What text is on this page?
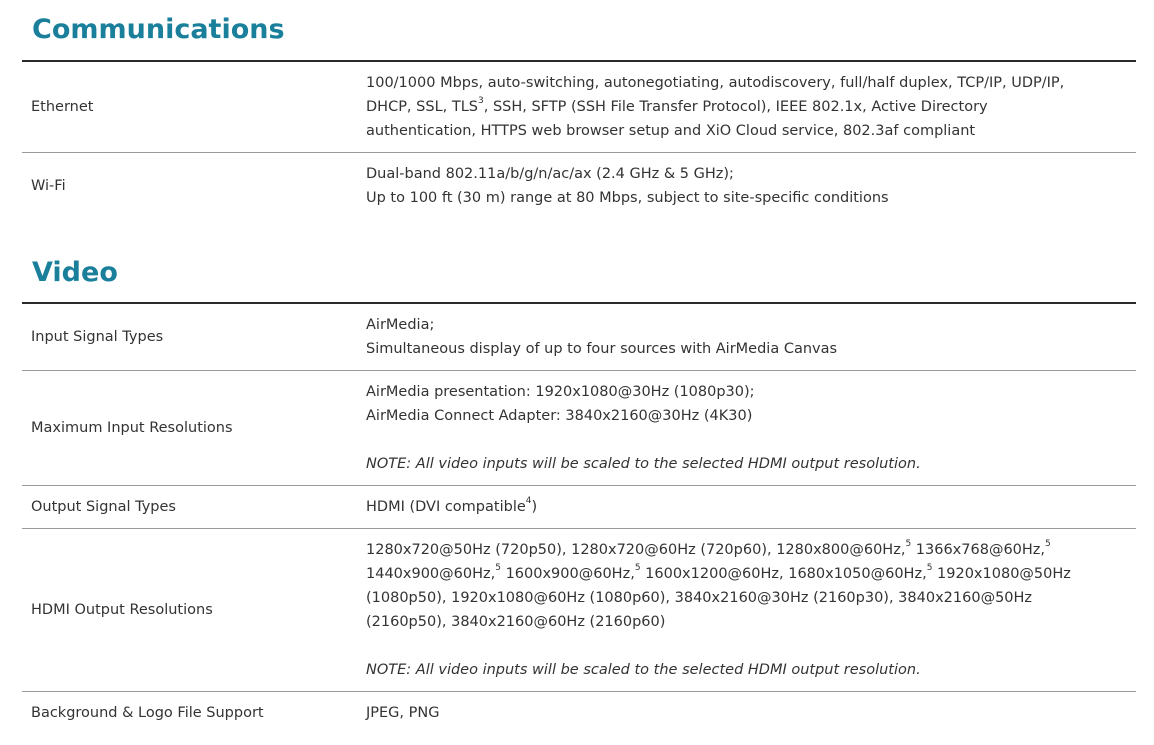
Communications
Ethernet
100/1000 Mbps, auto-switching, autonegotiating, autodiscovery, full/half duplex, TCP/IP, UDP/IP,
DHCP, SSL, TLS$^3$, SSH, SFTP (SSH File Transfer Protocol), IEEE 802.1x, Active Directory
authentication, HTTPS web browser setup and XiO Cloud service, 802.3af compliant
Wi-Fi
Dual-band 802.11a/b/g/n/ac/ax (2.4 GHz & 5 GHz);
Up to 100 ft (30 m) range at 80 Mbps, subject to site-specific conditions
Video
Input Signal Types
AirMedia;
Simultaneous display of up to four sources with AirMedia Canvas
Maximum Input Resolutions
AirMedia presentation: 1920x1080@30Hz (1080p30);
AirMedia Connect Adapter: 3840x2160@30Hz (4K30)
NOTE: All video inputs will be scaled to the selected HDMI output resolution.
Output Signal Types	HDMI (DVI compatible$^4$)
HDMI Output Resolutions
1280x720@50Hz (720p50), 1280x720@60Hz (720p60), 1280x800@60Hz,$^5$ 1366x768@60Hz,$^5$
1440x900@60Hz,$^5$ 1600x900@60Hz,$^5$ 1600x1200@60Hz, 1680x1050@60Hz,$^5$ 1920x1080@50Hz
(1080p50), 1920x1080@60Hz (1080p60), 3840x2160@30Hz (2160p30), 3840x2160@50Hz
(2160p50), 3840x2160@60Hz (2160p60)
NOTE: All video inputs will be scaled to the selected HDMI output resolution.
Background & Logo File Support	JPEG, PNG
